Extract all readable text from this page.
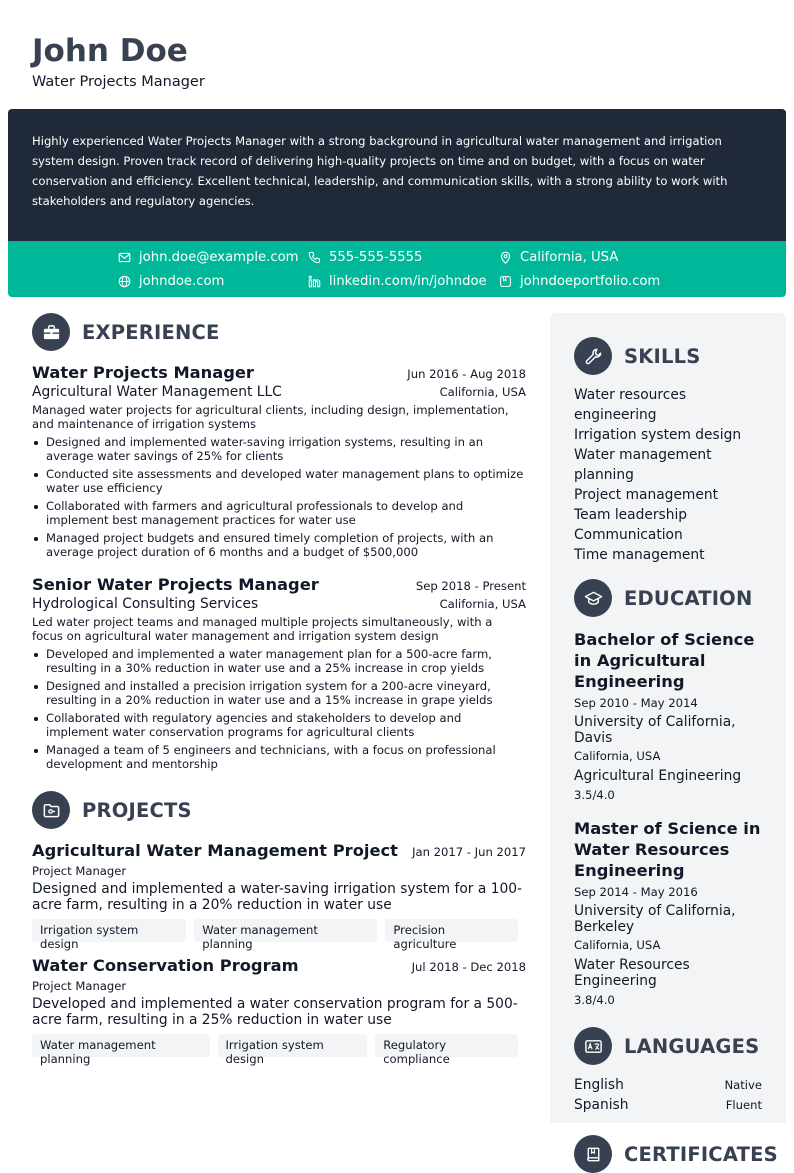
John Doe
Water Projects Manager

Highly experienced Water Projects Manager with a strong background in agricultural water management and irrigation system design. Proven track record of delivering high-quality projects on time and on budget, with a focus on water conservation and efficiency. Excellent technical, leadership, and communication skills, with a strong ability to work with stakeholders and regulatory agencies.

john.doe@example.com 555-555-5555	California, USA
johndoe.com	linkedin.com/in/johndoe	johndoeportfolio.com
EXPERIENCE
Water Projects Manager	Jun 2016 - Aug 2018
Agricultural Water Management LLC	California, USA
Managed water projects for agricultural clients, including design, implementation, and maintenance of irrigation systems
Designed and implemented water-saving irrigation systems, resulting in an average water savings of 25% for clients
Conducted site assessments and developed water management plans to optimize water use efficiency
Collaborated with farmers and agricultural professionals to develop and implement best management practices for water use
Managed project budgets and ensured timely completion of projects, with an average project duration of 6 months and a budget of $500,000
Senior Water Projects Manager	Sep 2018 - Present
Hydrological Consulting Services	California, USA
Led water project teams and managed multiple projects simultaneously, with a focus on agricultural water management and irrigation system design
Developed and implemented a water management plan for a 500-acre farm, resulting in a 30% reduction in water use and a 25% increase in crop yields
Designed and installed a precision irrigation system for a 200-acre vineyard, resulting in a 20% reduction in water use and a 15% increase in grape yields
Collaborated with regulatory agencies and stakeholders to develop and implement water conservation programs for agricultural clients
Managed a team of 5 engineers and technicians, with a focus on professional development and mentorship
PROJECTS
Agricultural Water Management Project Jan 2017 - Jun 2017
Project Manager
Designed and implemented a water-saving irrigation system for a 100-acre farm, resulting in a 20% reduction in water use
Irrigation system design
Water management planning
Precision agriculture
Water Conservation Program	Jul 2018 - Dec 2018
Project Manager
Developed and implemented a water conservation program for a 500-acre farm, resulting in a 25% reduction in water use
Water management planning
Irrigation system design
Regulatory compliance
SKILLS
Water resources engineering
Irrigation system design
Water management planning
Project management
Team leadership
Communication
Time management
EDUCATION
Bachelor of Science in Agricultural Engineering
Sep 2010 - May 2014
University of California, Davis
California, USA
Agricultural Engineering
3.5/4.0
Master of Science in Water Resources Engineering
Sep 2014 - May 2016
University of California, Berkeley
California, USA
Water Resources Engineering
3.8/4.0
LANGUAGES
English	Native
Spanish	Fluent
CERTIFICATES
